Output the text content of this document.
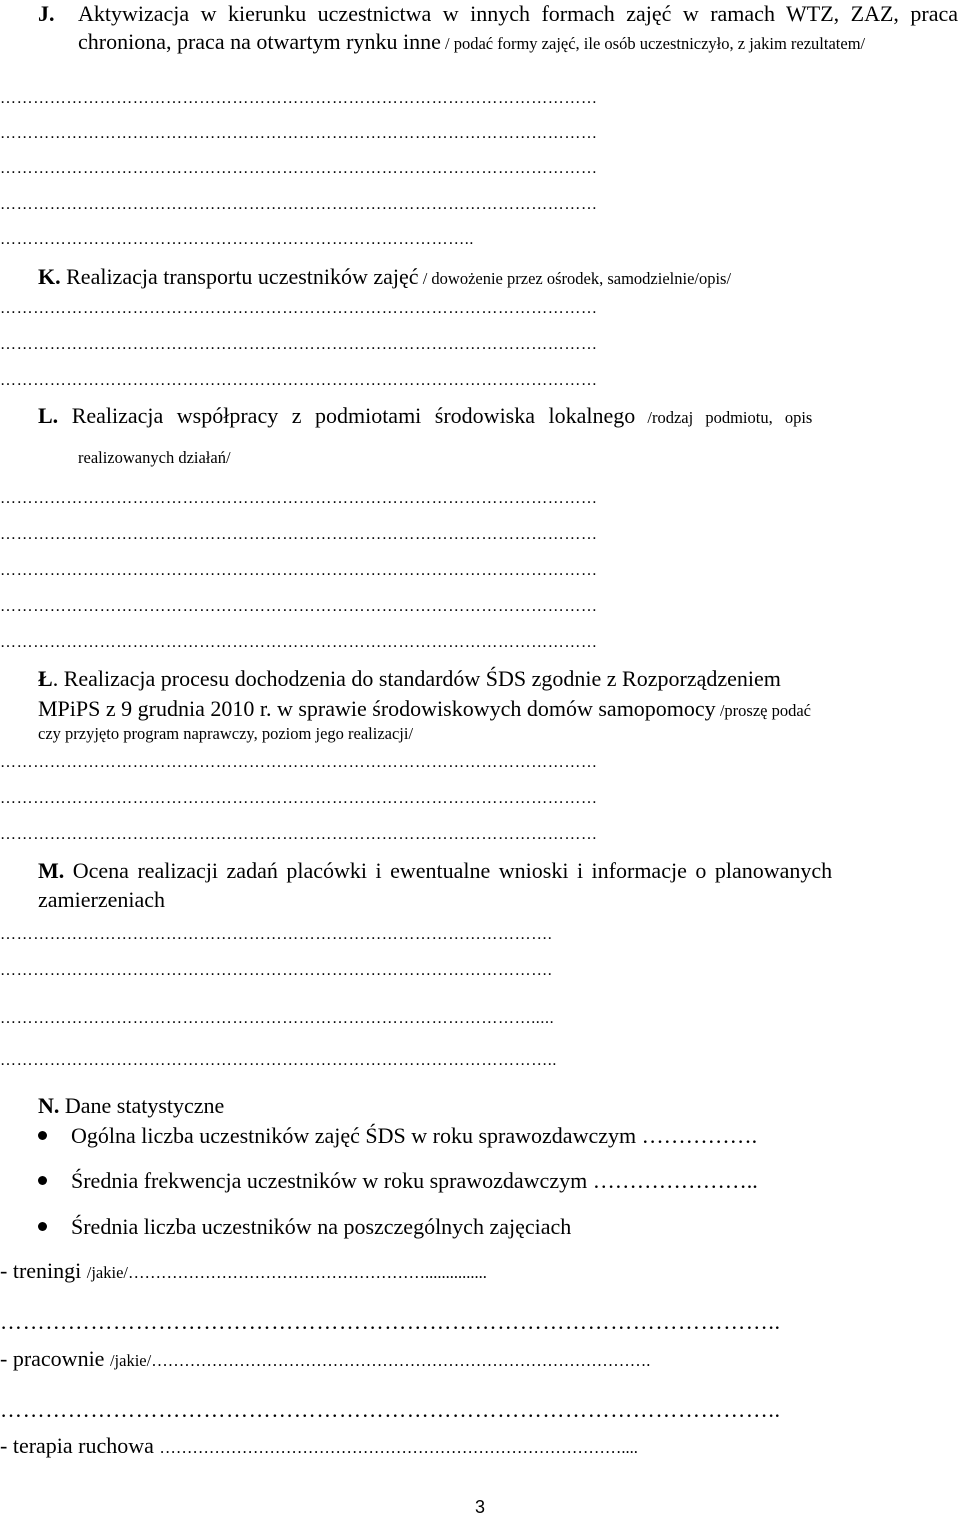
J.	Aktywizacja w kierunku uczestnictwa w innych formach zajęć w ramach WTZ, ZAZ, praca chroniona, praca na otwartym rynku inne / podać formy zajęć, ile osób uczestniczyło, z jakim rezultatem/
………………………………………………………………………………………………
………………………………………………………………………………………………
………………………………………………………………………………………………
………………………………………………………………………………………………
…………………………………………………………………………..
K. Realizacja transportu uczestników zajęć / dowożenie przez ośrodek, samodzielnie/opis/
………………………………………………………………………………………………
………………………………………………………………………………………………
………………………………………………………………………………………………
L. Realizacja współpracy z podmiotami środowiska lokalnego /rodzaj podmiotu, opis
realizowanych działań/
………………………………………………………………………………………………
………………………………………………………………………………………………
………………………………………………………………………………………………
………………………………………………………………………………………………
………………………………………………………………………………………………
Ł. Realizacja procesu dochodzenia do standardów ŚDS zgodnie z Rozporządzeniem
MPiPS z 9 grudnia 2010 r. w sprawie środowiskowych domów samopomocy /proszę podać
czy przyjęto program naprawczy, poziom jego realizacji/
………………………………………………………………………………………………
………………………………………………………………………………………………
………………………………………………………………………………………………
M. Ocena realizacji zadań placówki i ewentualne wnioski i informacje o planowanych
zamierzeniach
……………………………………………………………………………………….
……………………………………………………………………………………….
…………………………………………………………………………………….....
………………………………………………………………………………………..
N. Dane statystyczne
Ogólna liczba uczestników zajęć ŚDS w roku sprawozdawczym …………….
Średnia frekwencja uczestników w roku sprawozdawczym …………………..
Średnia liczba uczestników na poszczególnych zajęciach
- treningi /jakie/………………………………………………...............
…………………………………………………………………………………………..
- pracownie /jakie/……………………………………………………………………………….
…………………………………………………………………………………………..
- terapia ruchowa …………………………………………………………………………....
3
